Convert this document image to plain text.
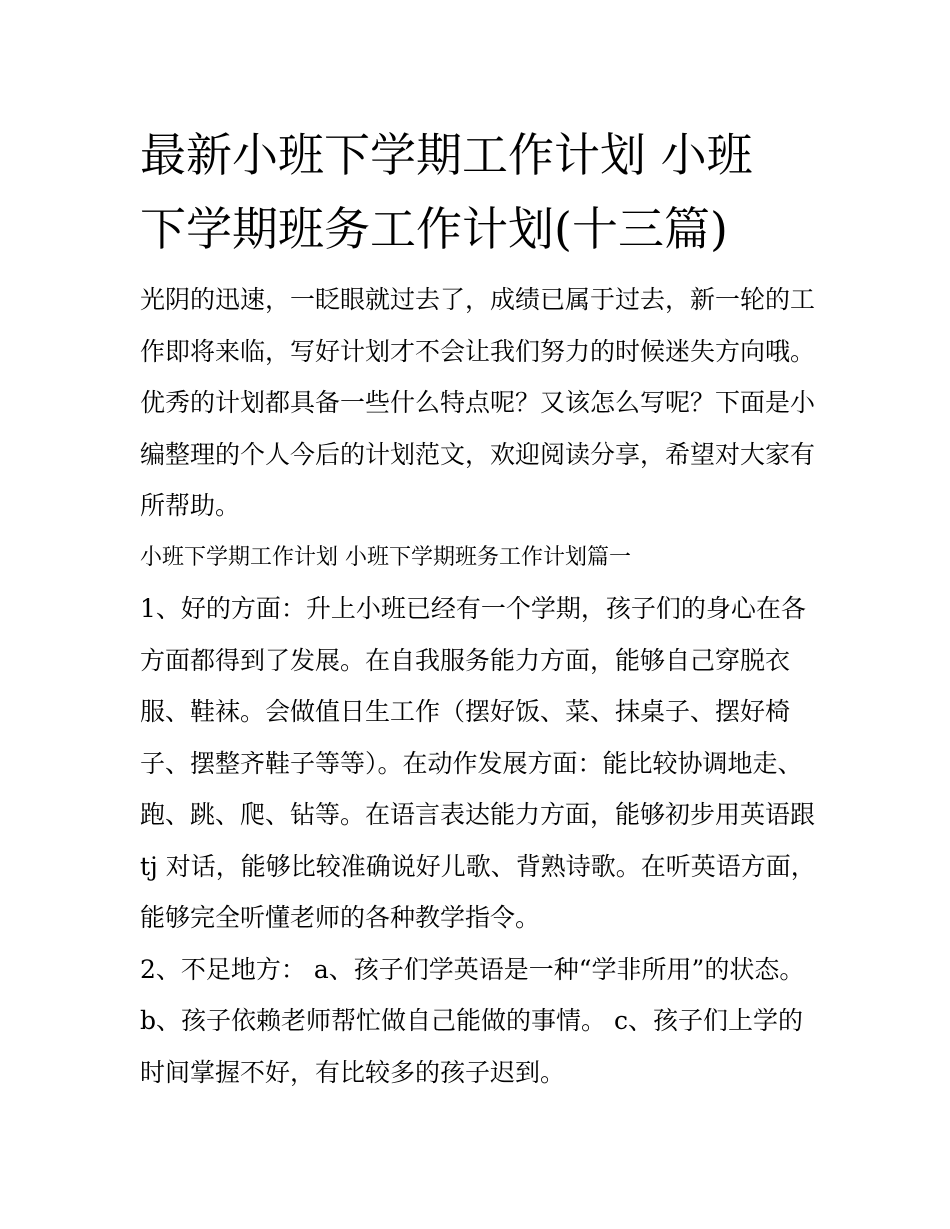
最新小班下学期工作计划 小班
下学期班务工作计划(十三篇)

光阴的迅速，一眨眼就过去了，成绩已属于过去，新一轮的工
作即将来临，写好计划才不会让我们努力的时候迷失方向哦。
优秀的计划都具备一些什么特点呢？又该怎么写呢？下面是小
编整理的个人今后的计划范文，欢迎阅读分享，希望对大家有
所帮助。

小班下学期工作计划 小班下学期班务工作计划篇一

1、好的方面：升上小班已经有一个学期，孩子们的身心在各
方面都得到了发展。在自我服务能力方面，能够自己穿脱衣
服、鞋袜。会做值日生工作（摆好饭、菜、抹桌子、摆好椅
子、摆整齐鞋子等等）。在动作发展方面：能比较协调地走、
跑、跳、爬、钻等。在语言表达能力方面，能够初步用英语跟
tj 对话，能够比较准确说好儿歌、背熟诗歌。在听英语方面，
能够完全听懂老师的各种教学指令。

2、不足地方： a、孩子们学英语是一种“学非所用”的状态。
b、孩子依赖老师帮忙做自己能做的事情。 c、孩子们上学的
时间掌握不好，有比较多的孩子迟到。
